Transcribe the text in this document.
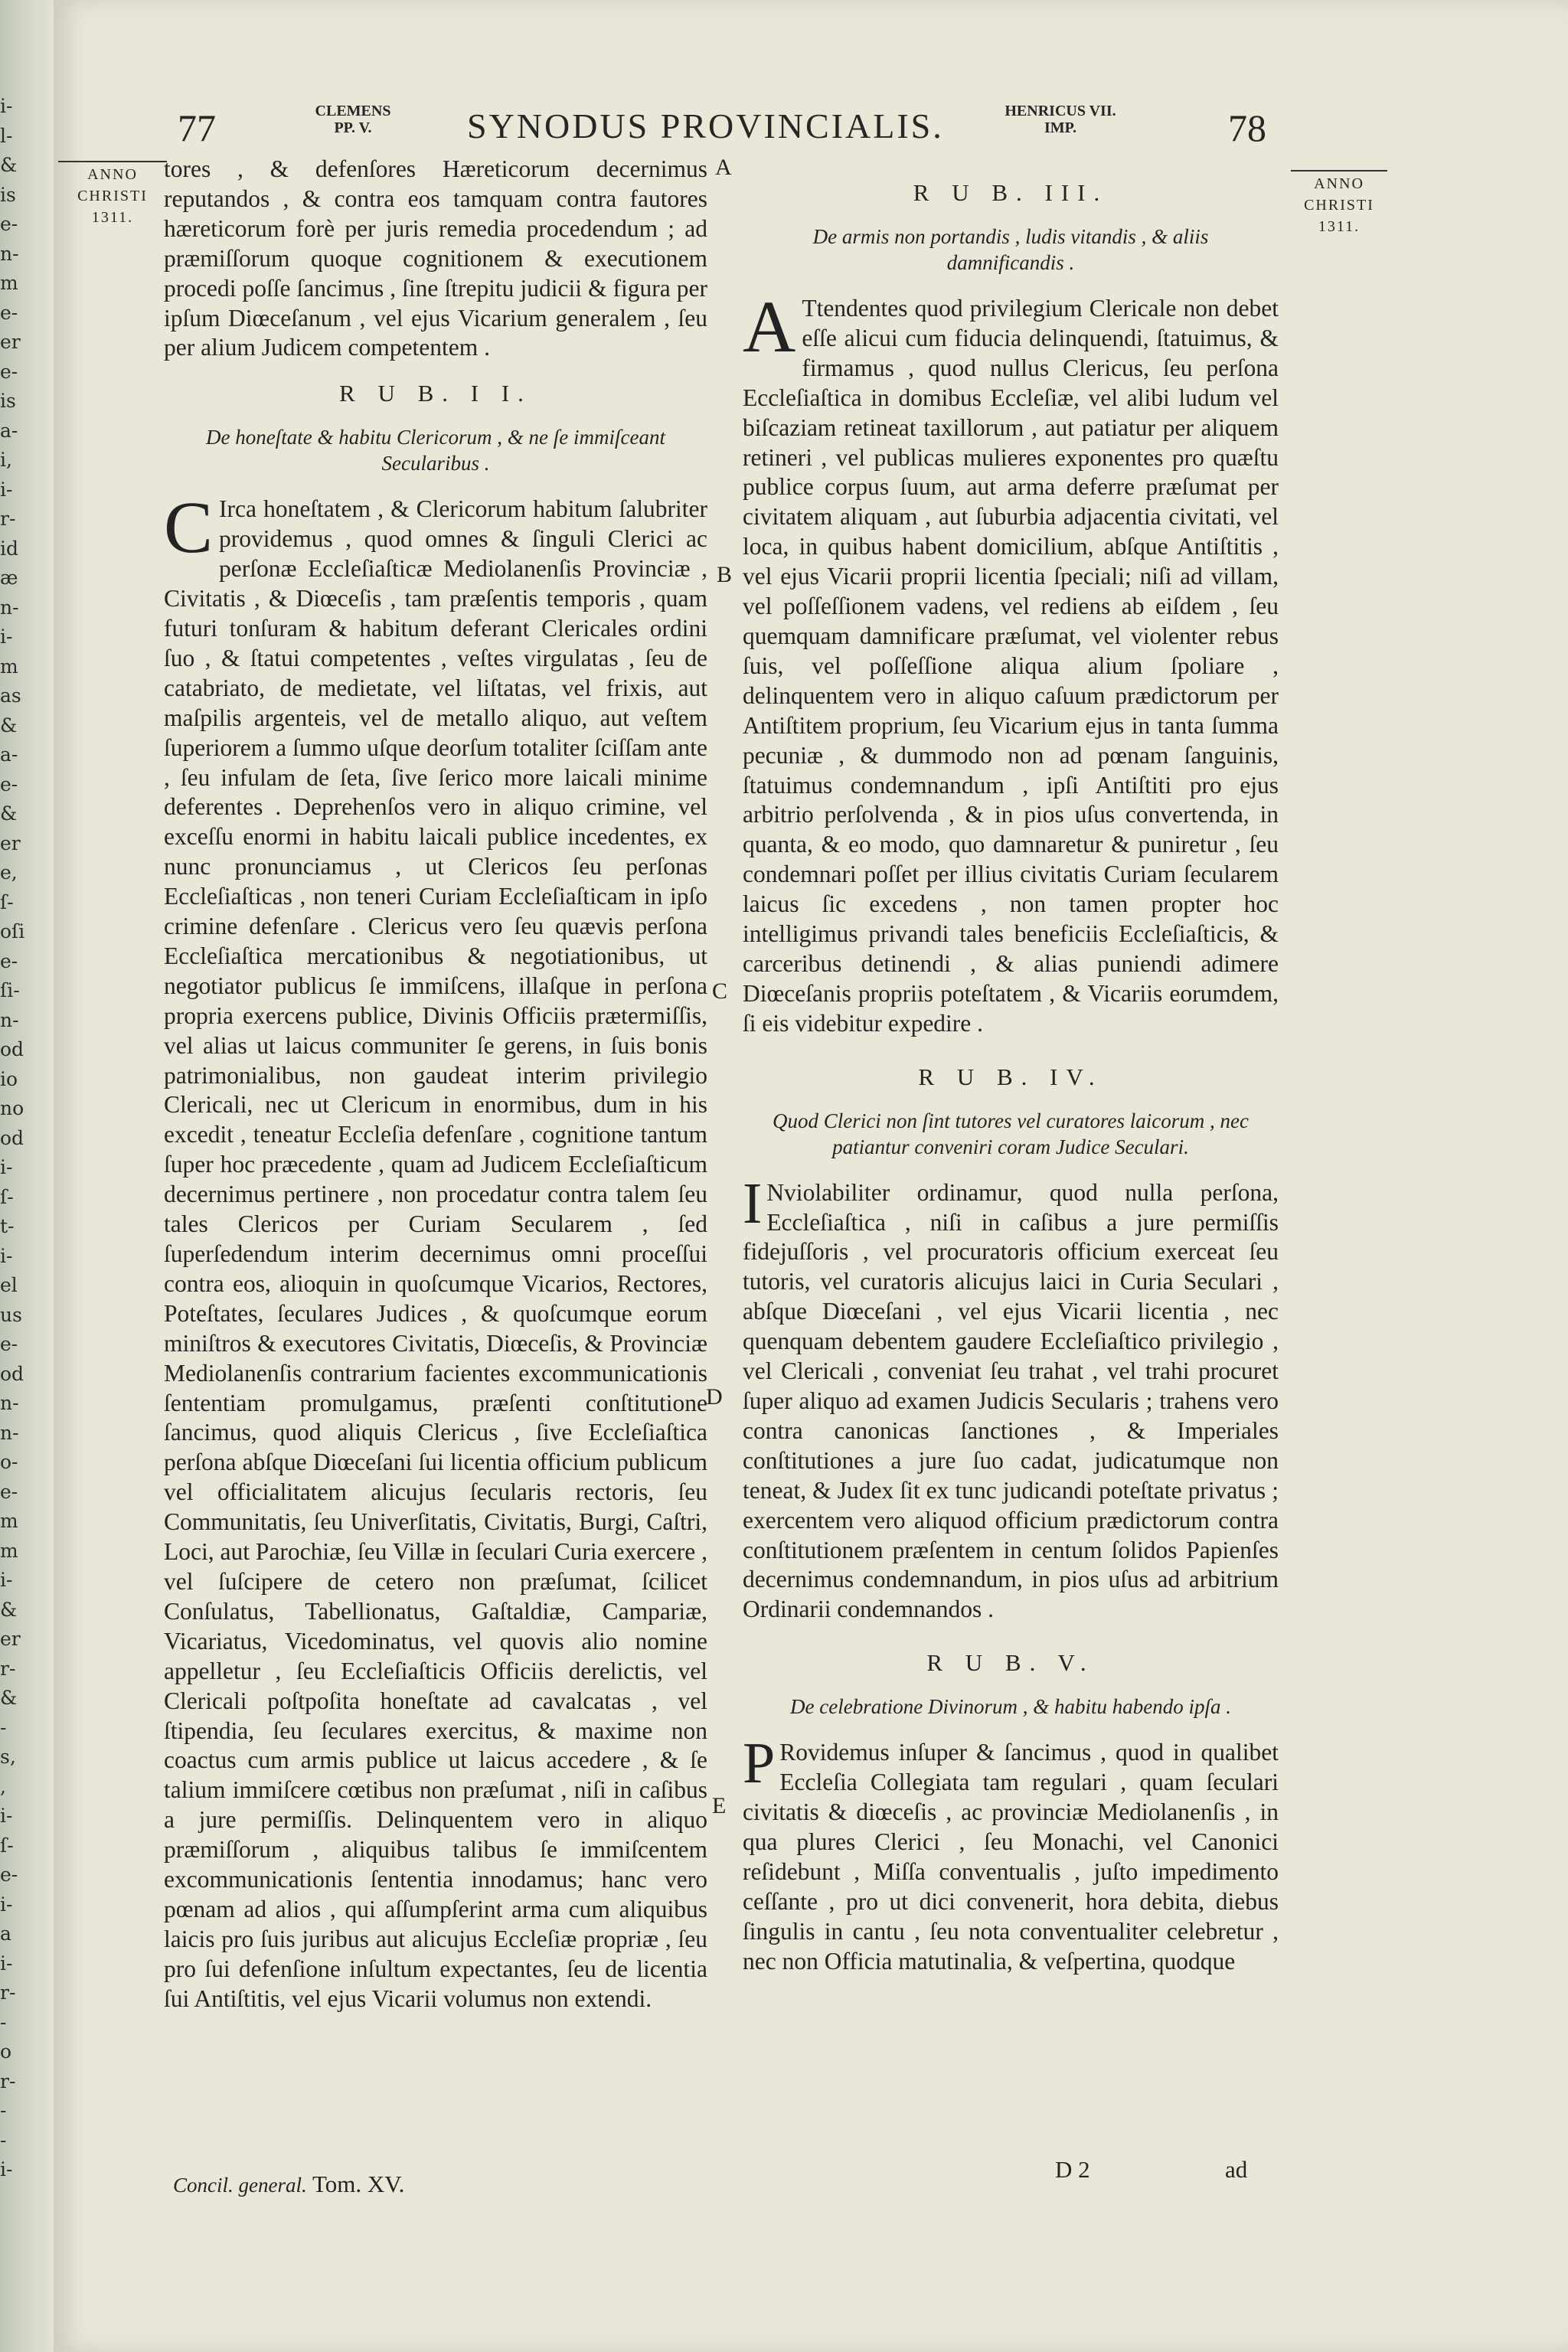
i-
l-
&
is
e-
n-
m
e-
er
e-
is
a-
i,
i-
r-
id
æ
n-
i-
m
as
&
a-
e-
&
er
e,
ſ-
oſi
e-
ſi-
n-
od
io
no
od
i-
ſ-
t-
i-
el
us
e-
od
n-
n-
o-
e-
m
m
i-
&
er
r-
&
-
s,
,
i-
ſ-
e-
i-
a
i-
r-
-
o
r-
-
-
i-
77	CLEMENS
PP. V.	SYNODUS PROVINCIALIS.	HENRICUS VII.
IMP.	78
ANNO
CHRISTI
1311.
ANNO
CHRISTI
1311.
A
B
C
D
E

tores , & defenſores Hæreticorum decernimus reputandos , & contra eos tamquam contra fautores hæreticorum forè per juris remedia procedendum ; ad præmiſſorum quoque cognitionem & executionem procedi poſſe ſancimus , ſine ſtrepitu judicii & figura per ipſum Diœceſanum , vel ejus Vicarium generalem , ſeu per alium Judicem competentem .

R U B. I I.
De honeſtate & habitu Clericorum , & ne ſe immiſceant Secularibus .

C Irca honeſtatem , & Clericorum habitum ſalubriter providemus , quod omnes & ſinguli Clerici ac perſonæ Eccleſiaſticæ Mediolanenſis Provinciæ , Civitatis , & Diœceſis , tam præſentis temporis , quam futuri tonſuram & habitum deferant Clericales ordini ſuo , & ſtatui competentes , veſtes virgulatas , ſeu de catabriato, de medietate, vel liſtatas, vel frixis, aut maſpilis argenteis, vel de metallo aliquo, aut veſtem ſuperiorem a ſummo uſque deorſum totaliter ſciſſam ante , ſeu infulam de ſeta, ſive ſerico more laicali minime deferentes . Deprehenſos vero in aliquo crimine, vel exceſſu enormi in habitu laicali publice incedentes, ex nunc pronunciamus , ut Clericos ſeu perſonas Eccleſiaſticas , non teneri Curiam Eccleſiaſticam in ipſo crimine defenſare . Clericus vero ſeu quævis perſona Eccleſiaſtica mercationibus & negotiationibus, ut negotiator publicus ſe immiſcens, illaſque in perſona propria exercens publice, Divinis Officiis prætermiſſis, vel alias ut laicus communiter ſe gerens, in ſuis bonis patrimonialibus, non gaudeat interim privilegio Clericali, nec ut Clericum in enormibus, dum in his excedit , teneatur Eccleſia defenſare , cognitione tantum ſuper hoc præcedente , quam ad Judicem Eccleſiaſticum decernimus pertinere , non procedatur contra talem ſeu tales Clericos per Curiam Secularem , ſed ſuperſedendum interim decernimus omni proceſſui contra eos, alioquin in quoſcumque Vicarios, Rectores, Poteſtates, ſeculares Judices , & quoſcumque eorum miniſtros & executores Civitatis, Diœceſis, & Provinciæ Mediolanenſis contrarium facientes excommunicationis ſententiam promulgamus, præſenti conſtitutione ſancimus, quod aliquis Clericus , ſive Eccleſiaſtica perſona abſque Diœceſani ſui licentia officium publicum vel officialitatem alicujus ſecularis rectoris, ſeu Communitatis, ſeu Univerſitatis, Civitatis, Burgi, Caſtri, Loci, aut Parochiæ, ſeu Villæ in ſeculari Curia exercere , vel ſuſcipere de cetero non præſumat, ſcilicet Conſulatus, Tabellionatus, Gaſtaldiæ, Campariæ, Vicariatus, Vicedominatus, vel quovis alio nomine appelletur , ſeu Eccleſiaſticis Officiis derelictis, vel Clericali poſtpoſita honeſtate ad cavalcatas , vel ſtipendia, ſeu ſeculares exercitus, & maxime non coactus cum armis publice ut laicus accedere , & ſe talium immiſcere cœtibus non præſumat , niſi in caſibus a jure permiſſis. Delinquentem vero in aliquo præmiſſorum , aliquibus talibus ſe immiſcentem excommunicationis ſententia innodamus; hanc vero pœnam ad alios , qui aſſumpſerint arma cum aliquibus laicis pro ſuis juribus aut alicujus Eccleſiæ propriæ , ſeu pro ſui defenſione inſultum expectantes, ſeu de licentia ſui Antiſtitis, vel ejus Vicarii volumus non extendi.

Concil. general. Tom. XV.
R U B. III.
De armis non portandis , ludis vitandis , & aliis damnificandis .

A Ttendentes quod privilegium Clericale non debet eſſe alicui cum fiducia delinquendi, ſtatuimus, & firmamus , quod nullus Clericus, ſeu perſona Eccleſiaſtica in domibus Eccleſiæ, vel alibi ludum vel biſcaziam retineat taxillorum , aut patiatur per aliquem retineri , vel publicas mulieres exponentes pro quæſtu publice corpus ſuum, aut arma deferre præſumat per civitatem aliquam , aut ſuburbia adjacentia civitati, vel loca, in quibus habent domicilium, abſque Antiſtitis , vel ejus Vicarii proprii licentia ſpeciali; niſi ad villam, vel poſſeſſionem vadens, vel rediens ab eiſdem , ſeu quemquam damnificare præſumat, vel violenter rebus ſuis, vel poſſeſſione aliqua alium ſpoliare , delinquentem vero in aliquo caſuum prædictorum per Antiſtitem proprium, ſeu Vicarium ejus in tanta ſumma pecuniæ , & dummodo non ad pœnam ſanguinis, ſtatuimus condemnandum , ipſi Antiſtiti pro ejus arbitrio perſolvenda , & in pios uſus convertenda, in quanta, & eo modo, quo damnaretur & puniretur , ſeu condemnari poſſet per illius civitatis Curiam ſecularem laicus ſic excedens , non tamen propter hoc intelligimus privandi tales beneficiis Eccleſiaſticis, & carceribus detinendi , & alias puniendi adimere Diœceſanis propriis poteſtatem , & Vicariis eorumdem, ſi eis videbitur expedire .

R U B. IV.
Quod Clerici non ſint tutores vel curatores laicorum , nec patiantur conveniri coram Judice Seculari.

I Nviolabiliter ordinamur, quod nulla perſona, Eccleſiaſtica , niſi in caſibus a jure permiſſis fidejuſſoris , vel procuratoris officium exerceat ſeu tutoris, vel curatoris alicujus laici in Curia Seculari , abſque Diœceſani , vel ejus Vicarii licentia , nec quenquam debentem gaudere Eccleſiaſtico privilegio , vel Clericali , conveniat ſeu trahat , vel trahi procuret ſuper aliquo ad examen Judicis Secularis ; trahens vero contra canonicas ſanctiones , & Imperiales conſtitutiones a jure ſuo cadat, judicatumque non teneat, & Judex ſit ex tunc judicandi poteſtate privatus ; exercentem vero aliquod officium prædictorum contra conſtitutionem præſentem in centum ſolidos Papienſes decernimus condemnandum, in pios uſus ad arbitrium Ordinarii condemnandos .

R U B. V.
De celebratione Divinorum , & habitu habendo ipſa .

P Rovidemus inſuper & ſancimus , quod in qualibet Eccleſia Collegiata tam regulari , quam ſeculari civitatis & diœceſis , ac provinciæ Mediolanenſis , in qua plures Clerici , ſeu Monachi, vel Canonici reſidebunt , Miſſa conventualis , juſto impedimento ceſſante , pro ut dici convenerit, hora debita, diebus ſingulis in cantu , ſeu nota conventualiter celebretur , nec non Officia matutinalia, & veſpertina, quodque

D 2	ad
